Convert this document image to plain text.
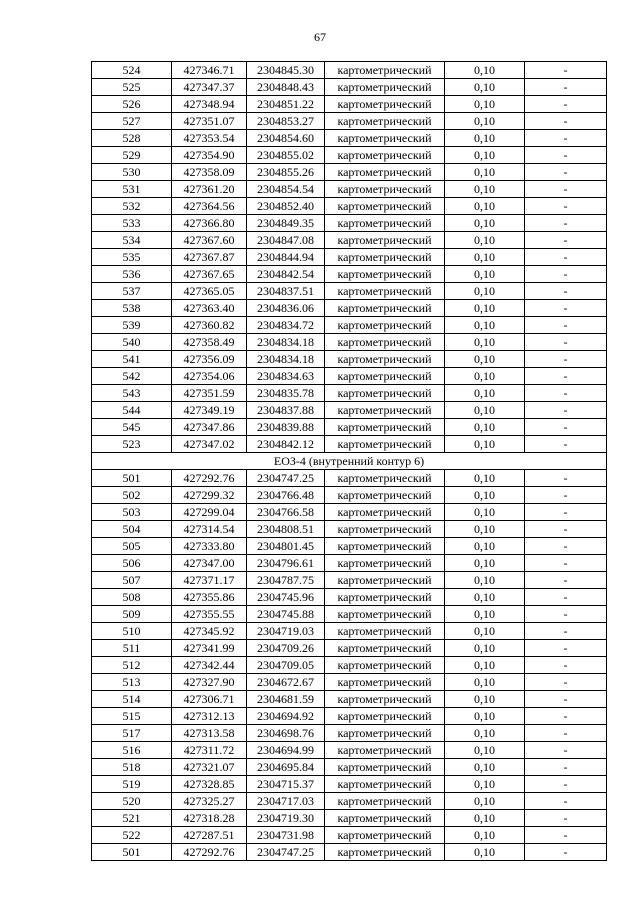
67
524	427346.71	2304845.30	картометрический	0,10	-
525	427347.37	2304848.43	картометрический	0,10	-
526	427348.94	2304851.22	картометрический	0,10	-
527	427351.07	2304853.27	картометрический	0,10	-
528	427353.54	2304854.60	картометрический	0,10	-
529	427354.90	2304855.02	картометрический	0,10	-
530	427358.09	2304855.26	картометрический	0,10	-
531	427361.20	2304854.54	картометрический	0,10	-
532	427364.56	2304852.40	картометрический	0,10	-
533	427366.80	2304849.35	картометрический	0,10	-
534	427367.60	2304847.08	картометрический	0,10	-
535	427367.87	2304844.94	картометрический	0,10	-
536	427367.65	2304842.54	картометрический	0,10	-
537	427365.05	2304837.51	картометрический	0,10	-
538	427363.40	2304836.06	картометрический	0,10	-
539	427360.82	2304834.72	картометрический	0,10	-
540	427358.49	2304834.18	картометрический	0,10	-
541	427356.09	2304834.18	картометрический	0,10	-
542	427354.06	2304834.63	картометрический	0,10	-
543	427351.59	2304835.78	картометрический	0,10	-
544	427349.19	2304837.88	картометрический	0,10	-
545	427347.86	2304839.88	картометрический	0,10	-
523	427347.02	2304842.12	картометрический	0,10	-
ЕОЗ-4 (внутренний контур 6)					
501	427292.76	2304747.25	картометрический	0,10	-
502	427299.32	2304766.48	картометрический	0,10	-
503	427299.04	2304766.58	картометрический	0,10	-
504	427314.54	2304808.51	картометрический	0,10	-
505	427333.80	2304801.45	картометрический	0,10	-
506	427347.00	2304796.61	картометрический	0,10	-
507	427371.17	2304787.75	картометрический	0,10	-
508	427355.86	2304745.96	картометрический	0,10	-
509	427355.55	2304745.88	картометрический	0,10	-
510	427345.92	2304719.03	картометрический	0,10	-
511	427341.99	2304709.26	картометрический	0,10	-
512	427342.44	2304709.05	картометрический	0,10	-
513	427327.90	2304672.67	картометрический	0,10	-
514	427306.71	2304681.59	картометрический	0,10	-
515	427312.13	2304694.92	картометрический	0,10	-
517	427313.58	2304698.76	картометрический	0,10	-
516	427311.72	2304694.99	картометрический	0,10	-
518	427321.07	2304695.84	картометрический	0,10	-
519	427328.85	2304715.37	картометрический	0,10	-
520	427325.27	2304717.03	картометрический	0,10	-
521	427318.28	2304719.30	картометрический	0,10	-
522	427287.51	2304731.98	картометрический	0,10	-
501	427292.76	2304747.25	картометрический	0,10	-
